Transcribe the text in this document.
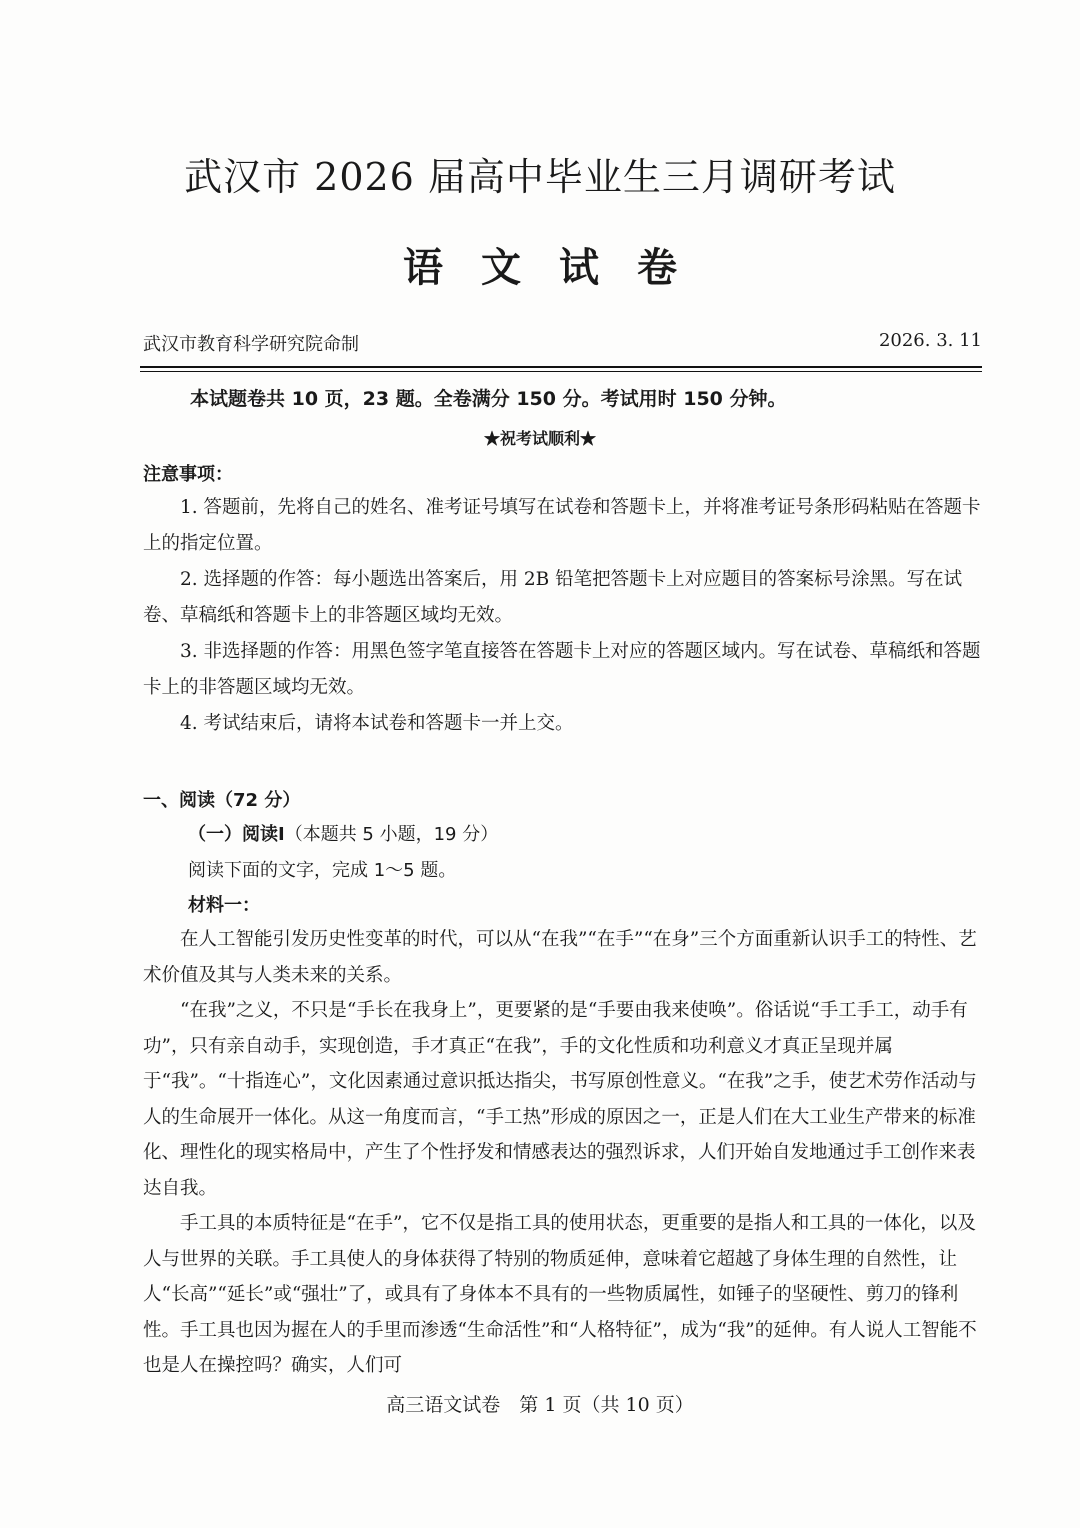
武汉市 2026 届高中毕业生三月调研考试
语文试卷
武汉市教育科学研究院命制	2026. 3. 11
本试题卷共 10 页，23 题。全卷满分 150 分。考试用时 150 分钟。
★祝考试顺利★
注意事项：

1. 答题前，先将自己的姓名、准考证号填写在试卷和答题卡上，并将准考证号条形码粘贴在答题卡上的指定位置。

2. 选择题的作答：每小题选出答案后，用 2B 铅笔把答题卡上对应题目的答案标号涂黑。写在试卷、草稿纸和答题卡上的非答题区域均无效。

3. 非选择题的作答：用黑色签字笔直接答在答题卡上对应的答题区域内。写在试卷、草稿纸和答题卡上的非答题区域均无效。

4. 考试结束后，请将本试卷和答题卡一并上交。

一、阅读（72 分）
（一）阅读Ⅰ（本题共 5 小题，19 分）
阅读下面的文字，完成 1～5 题。
材料一：

在人工智能引发历史性变革的时代，可以从“在我”“在手”“在身”三个方面重新认识手工的特性、艺术价值及其与人类未来的关系。

“在我”之义，不只是“手长在我身上”，更要紧的是“手要由我来使唤”。俗话说“手工手工，动手有功”，只有亲自动手，实现创造，手才真正“在我”，手的文化性质和功利意义才真正呈现并属于“我”。“十指连心”，文化因素通过意识抵达指尖，书写原创性意义。“在我”之手，使艺术劳作活动与人的生命展开一体化。从这一角度而言，“手工热”形成的原因之一，正是人们在大工业生产带来的标准化、理性化的现实格局中，产生了个性抒发和情感表达的强烈诉求，人们开始自发地通过手工创作来表达自我。

手工具的本质特征是“在手”，它不仅是指工具的使用状态，更重要的是指人和工具的一体化，以及人与世界的关联。手工具使人的身体获得了特别的物质延伸，意味着它超越了身体生理的自然性，让人“长高”“延长”或“强壮”了，或具有了身体本不具有的一些物质属性，如锤子的坚硬性、剪刀的锋利性。手工具也因为握在人的手里而渗透“生命活性”和“人格特征”，成为“我”的延伸。有人说人工智能不也是人在操控吗？确实，人们可

高三语文试卷　第 1 页（共 10 页）
